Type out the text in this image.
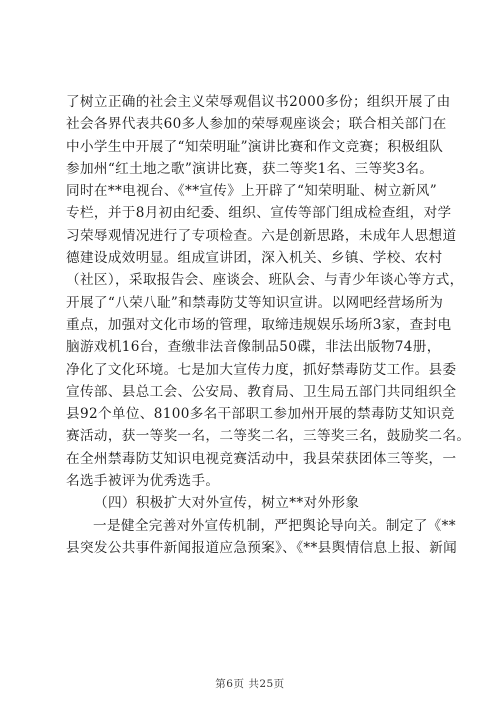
了树立正确的社会主义荣辱观倡议书2000多份；组织开展了由
社会各界代表共60多人参加的荣辱观座谈会；联合相关部门在
中小学生中开展了“知荣明耻”演讲比赛和作文竞赛；积极组队
参加州“红土地之歌”演讲比赛，获二等奖1名、三等奖3名。
同时在**电视台、《**宣传》上开辟了“知荣明耻、树立新风”
专栏，并于8月初由纪委、组织、宣传等部门组成检查组，对学
习荣辱观情况进行了专项检查。六是创新思路，未成年人思想道
德建设成效明显。组成宣讲团，深入机关、乡镇、学校、农村
（社区），采取报告会、座谈会、班队会、与青少年谈心等方式，
开展了“八荣八耻”和禁毒防艾等知识宣讲。以网吧经营场所为
重点，加强对文化市场的管理，取缔违规娱乐场所3家，查封电
脑游戏机16台，查缴非法音像制品50碟，非法出版物74册，
净化了文化环境。七是加大宣传力度，抓好禁毒防艾工作。县委
宣传部、县总工会、公安局、教育局、卫生局五部门共同组织全
县92个单位、8100多名干部职工参加州开展的禁毒防艾知识竞
赛活动，获一等奖一名，二等奖二名，三等奖三名，鼓励奖二名。
在全州禁毒防艾知识电视竞赛活动中，我县荣获团体三等奖，一
名选手被评为优秀选手。
（四）积极扩大对外宣传，树立**对外形象
一是健全完善对外宣传机制，严把舆论导向关。制定了《**
县突发公共事件新闻报道应急预案》、《**县舆情信息上报、新闻
第6页 共25页
